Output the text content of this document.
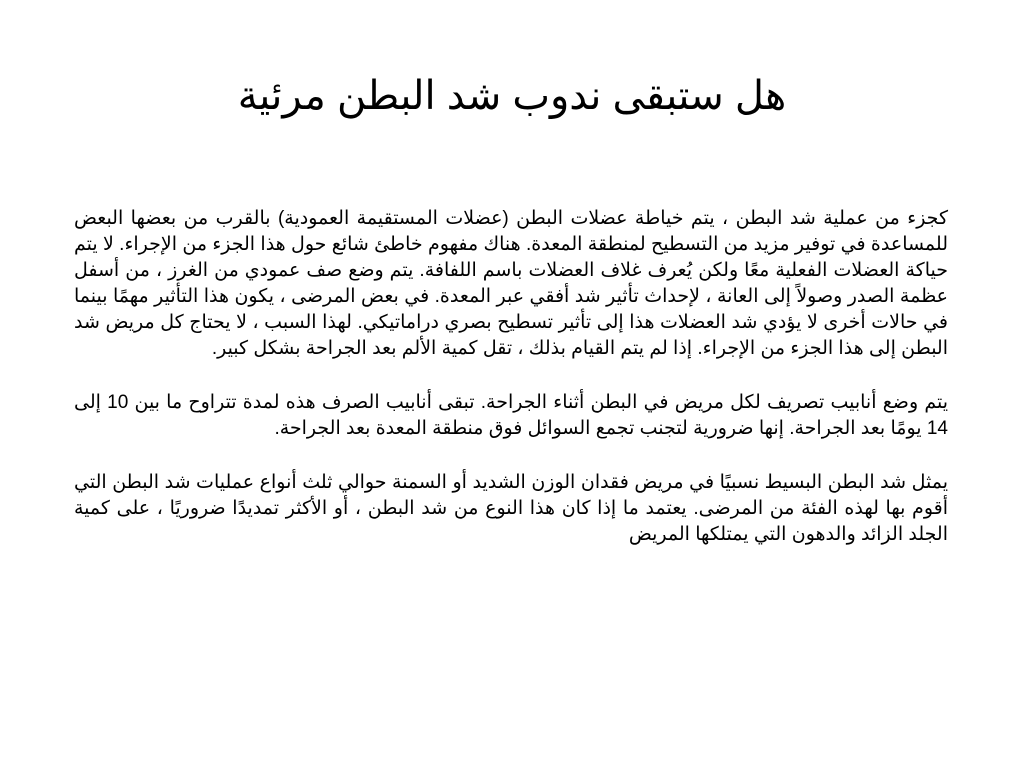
هل ستبقى ندوب شد البطن مرئية

كجزء من عملية شد البطن ، يتم خياطة عضلات البطن (عضلات المستقيمة العمودية) بالقرب من بعضها البعض للمساعدة في توفير مزيد من التسطيح لمنطقة المعدة. هناك مفهوم خاطئ شائع حول هذا الجزء من الإجراء. لا يتم حياكة العضلات الفعلية معًا ولكن يُعرف غلاف العضلات باسم اللفافة. يتم وضع صف عمودي من الغرز ، من أسفل عظمة الصدر وصولاً إلى العانة ، لإحداث تأثير شد أفقي عبر المعدة. في بعض المرضى ، يكون هذا التأثير مهمًا بينما في حالات أخرى لا يؤدي شد العضلات هذا إلى تأثير تسطيح بصري دراماتيكي. لهذا السبب ، لا يحتاج كل مريض شد البطن إلى هذا الجزء من الإجراء. إذا لم يتم القيام بذلك ، تقل كمية الألم بعد الجراحة بشكل كبير.

يتم وضع أنابيب تصريف لكل مريض في البطن أثناء الجراحة. تبقى أنابيب الصرف هذه لمدة تتراوح ما بين 10 إلى 14 يومًا بعد الجراحة. إنها ضرورية لتجنب تجمع السوائل فوق منطقة المعدة بعد الجراحة.

يمثل شد البطن البسيط نسبيًا في مريض فقدان الوزن الشديد أو السمنة حوالي ثلث أنواع عمليات شد البطن التي أقوم بها لهذه الفئة من المرضى. يعتمد ما إذا كان هذا النوع من شد البطن ، أو الأكثر تمديدًا ضروريًا ، على كمية الجلد الزائد والدهون التي يمتلكها المريض
